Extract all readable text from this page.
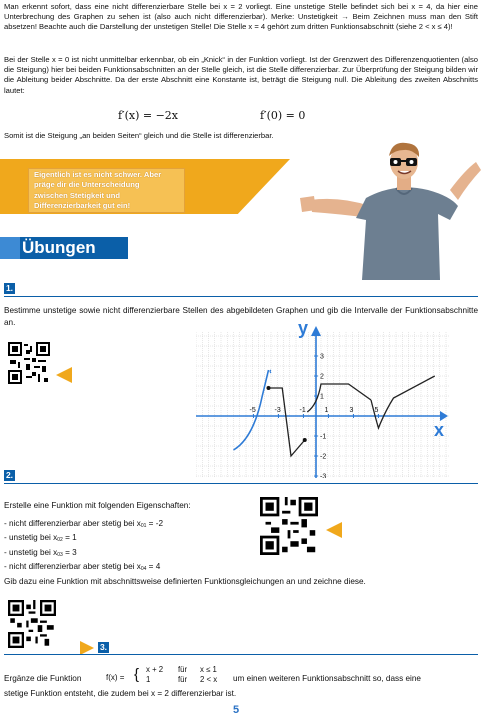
Man erkennt sofort, dass eine nicht differenzierbare Stelle bei x = 2 vorliegt. Eine unstetige Stelle befindet sich bei x = 4, da hier eine Unterbrechung des Graphen zu sehen ist (also auch nicht differenzierbar). Merke: Unstetigkeit → Beim Zeichnen muss man den Stift absetzen! Beachte auch die Darstellung der unstetigen Stelle! Die Stelle x = 4 gehört zum dritten Funktionsabschnitt (siehe 2 < x ≤ 4)!
Bei der Stelle x = 0 ist nicht unmittelbar erkennbar, ob ein „Knick“ in der Funktion vorliegt. Ist der Grenzwert des Differenzenquotienten (also die Steigung) hier bei beiden Funktionsabschnitten an der Stelle gleich, ist die Stelle differenzierbar. Zur Überprüfung der Steigung bilden wir die Ableitung beider Abschnitte. Da der erste Abschnitt eine Konstante ist, beträgt die Steigung null. Die Ableitung des zweiten Abschnitts lautet:
f′(x) = −2x	f′(0) = 0
Somit ist die Steigung „an beiden Seiten“ gleich und die Stelle ist differenzierbar.
Eigentlich ist es nicht schwer. Aber
präge dir die Unterscheidung
zwischen Stetigkeit und
Differenzierbarkeit gut ein!
Übungen
1.
Bestimme unstetige sowie nicht differenzierbare Stellen des abgebildeten Graphen und gib die Intervalle der Funktionsabschnitte an.
x
y
-5	-3	-1	1	3	5
3
2
1
-1
-2
-3
2.
Erstelle eine Funktion mit folgenden Eigenschaften:
- nicht differenzierbar aber stetig bei $x_{01} = -2$
- unstetig bei $x_{02} = 1$
- unstetig bei $x_{03} = 3$
- nicht differenzierbar aber stetig bei $x_{04} = 4$
Gib dazu eine Funktion mit abschnittsweise definierten Funktionsgleichungen an und zeichne diese.
3.
Ergänze die Funktion	f(x) = { x + 2 für x ≤ 1
1	für 2 < x um einen weiteren Funktionsabschnitt so, dass eine
stetige Funktion entsteht, die zudem bei x = 2 differenzierbar ist.
5
